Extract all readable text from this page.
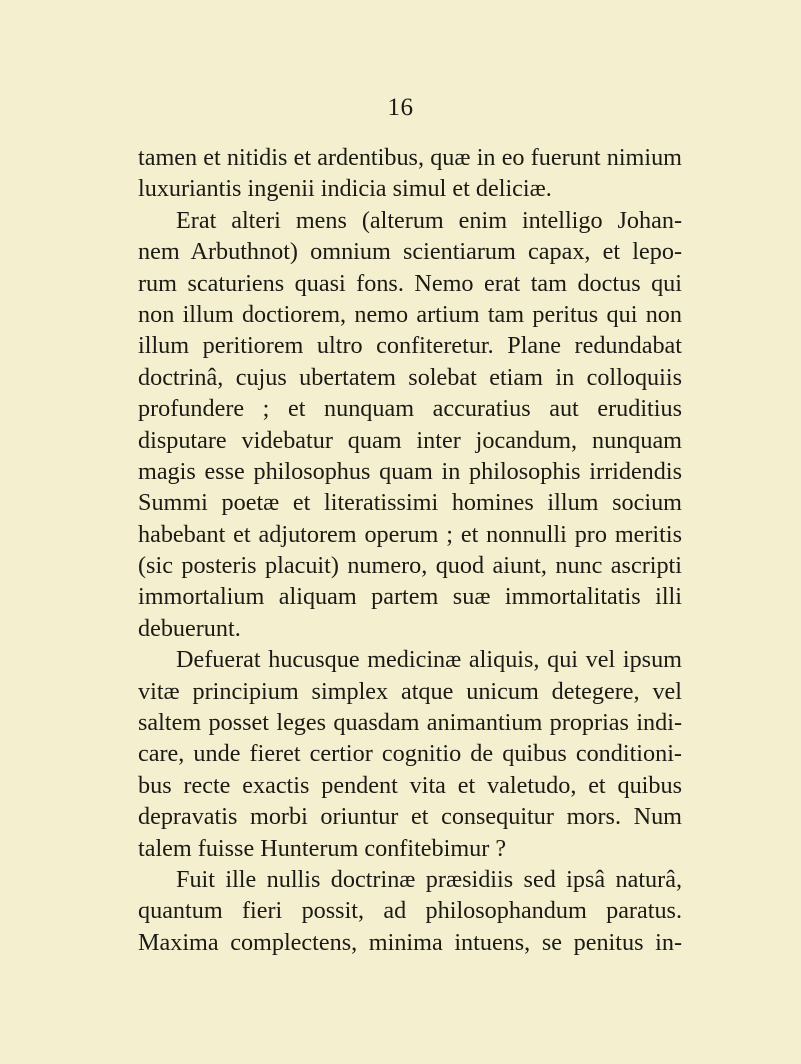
16
tamen et nitidis et ardentibus, quæ in eo fuerunt nimium
luxuriantis ingenii indicia simul et deliciæ.
Erat alteri mens (alterum enim intelligo Johan-
nem Arbuthnot) omnium scientiarum capax, et lepo-
rum scaturiens quasi fons. Nemo erat tam doctus qui
non illum doctiorem, nemo artium tam peritus qui non
illum peritiorem ultro confiteretur. Plane redundabat
doctrinâ, cujus ubertatem solebat etiam in colloquiis
profundere ; et nunquam accuratius aut eruditius
disputare videbatur quam inter jocandum, nunquam
magis esse philosophus quam in philosophis irridendis
Summi poetæ et literatissimi homines illum socium
habebant et adjutorem operum ; et nonnulli pro meritis
(sic posteris placuit) numero, quod aiunt, nunc ascripti
immortalium aliquam partem suæ immortalitatis illi
debuerunt.
Defuerat hucusque medicinæ aliquis, qui vel ipsum
vitæ principium simplex atque unicum detegere, vel
saltem posset leges quasdam animantium proprias indi-
care, unde fieret certior cognitio de quibus conditioni-
bus recte exactis pendent vita et valetudo, et quibus
depravatis morbi oriuntur et consequitur mors. Num
talem fuisse Hunterum confitebimur ?
Fuit ille nullis doctrinæ præsidiis sed ipsâ naturâ,
quantum fieri possit, ad philosophandum paratus.
Maxima complectens, minima intuens, se penitus in-
